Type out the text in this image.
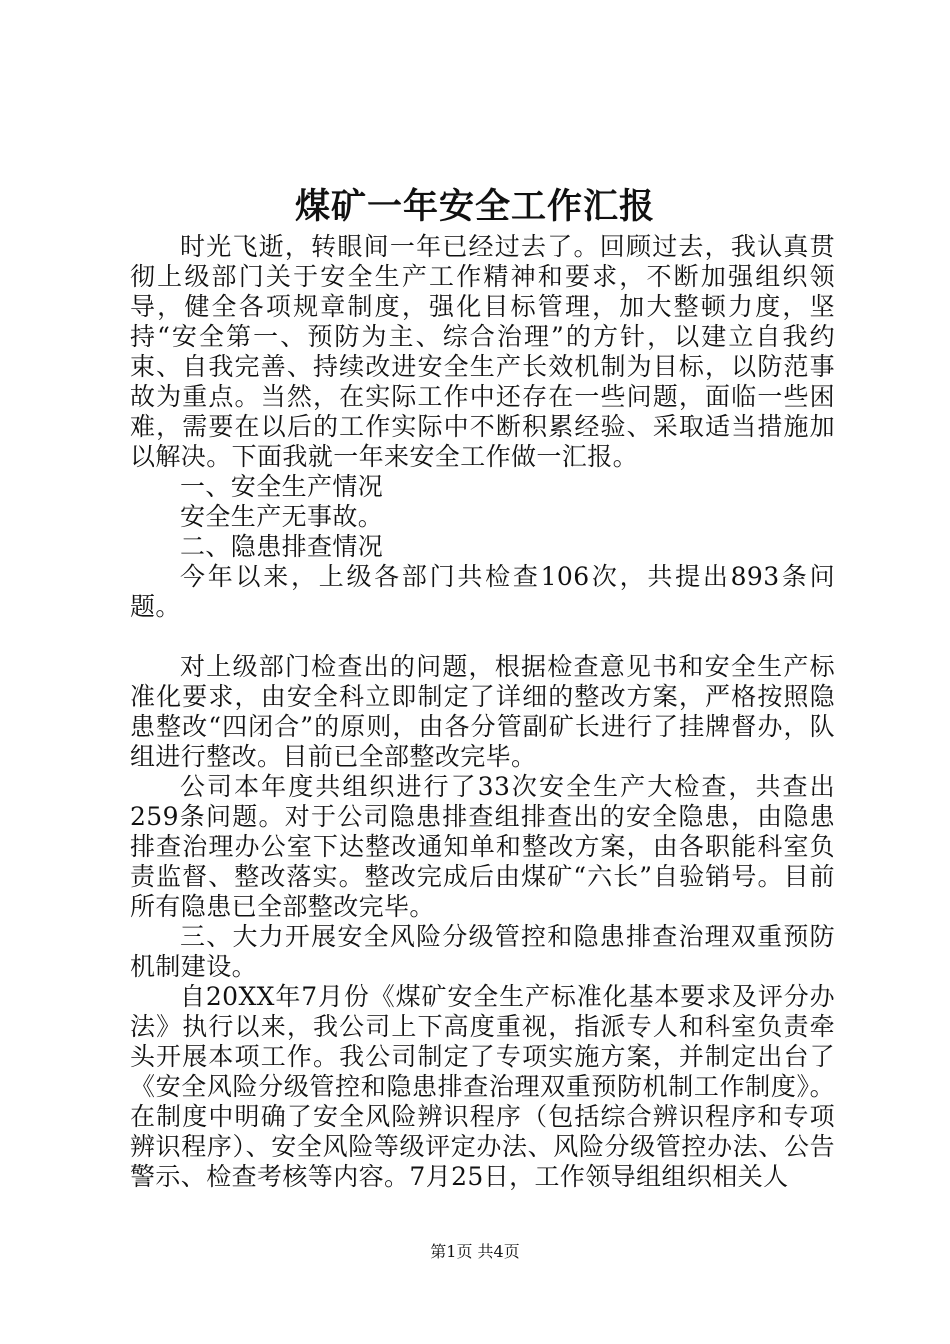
煤矿一年安全工作汇报

时光飞逝，转眼间一年已经过去了。回顾过去，我认真贯彻上级部门关于安全生产工作精神和要求，不断加强组织领导，健全各项规章制度，强化目标管理，加大整顿力度，坚持“安全第一、预防为主、综合治理”的方针，以建立自我约束、自我完善、持续改进安全生产长效机制为目标，以防范事故为重点。当然，在实际工作中还存在一些问题，面临一些困难，需要在以后的工作实际中不断积累经验、采取适当措施加以解决。下面我就一年来安全工作做一汇报。

一、安全生产情况

安全生产无事故。

二、隐患排查情况

今年以来，上级各部门共检查106次，共提出893条问题。

对上级部门检查出的问题，根据检查意见书和安全生产标准化要求，由安全科立即制定了详细的整改方案，严格按照隐患整改“四闭合”的原则，由各分管副矿长进行了挂牌督办，队组进行整改。目前已全部整改完毕。

公司本年度共组织进行了33次安全生产大检查，共查出259条问题。对于公司隐患排查组排查出的安全隐患，由隐患排查治理办公室下达整改通知单和整改方案，由各职能科室负责监督、整改落实。整改完成后由煤矿“六长”自验销号。目前所有隐患已全部整改完毕。

三、大力开展安全风险分级管控和隐患排查治理双重预防机制建设。

自20XX年7月份《煤矿安全生产标准化基本要求及评分办法》执行以来，我公司上下高度重视，指派专人和科室负责牵头开展本项工作。我公司制定了专项实施方案，并制定出台了《安全风险分级管控和隐患排查治理双重预防机制工作制度》。在制度中明确了安全风险辨识程序（包括综合辨识程序和专项辨识程序）、安全风险等级评定办法、风险分级管控办法、公告警示、检查考核等内容。7月25日，工作领导组组织相关人

第1页 共4页
